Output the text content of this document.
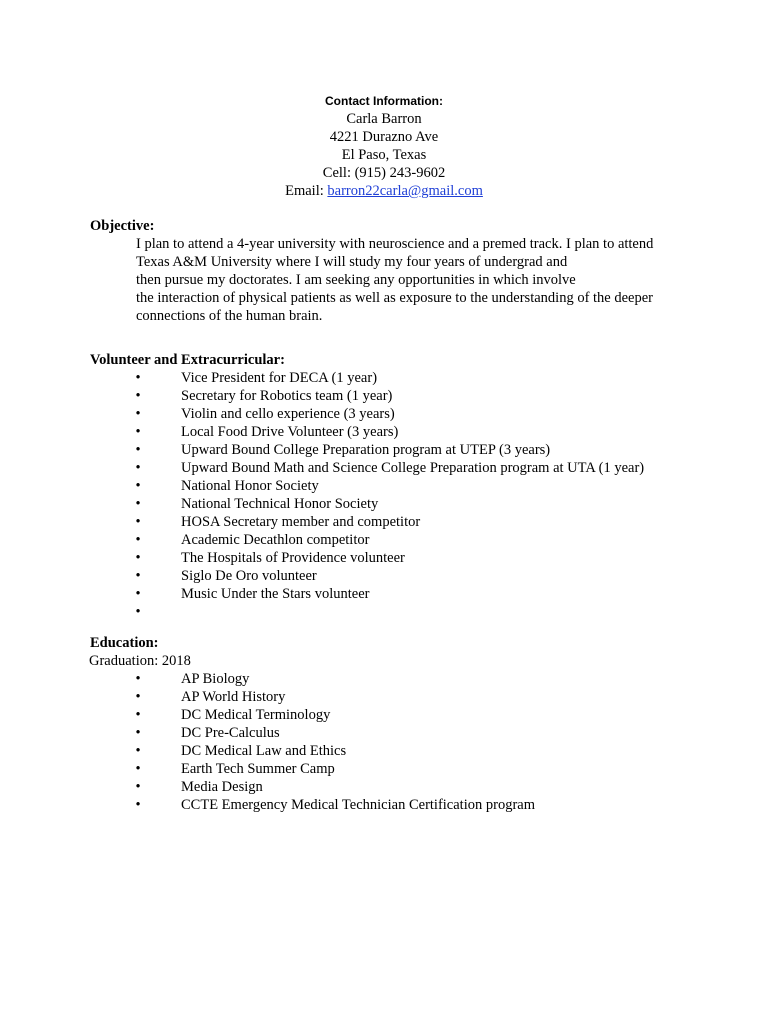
Contact Information:
Carla Barron
4221 Durazno Ave
El Paso, Texas
Cell: (915) 243-9602
Email: barron22carla@gmail.com
Objective:
I plan to attend a 4-year university with neuroscience and a premed track. I plan to attend
Texas A&M University where I will study my four years of undergrad and
then pursue my doctorates. I am seeking any opportunities in which involve
the interaction of physical patients as well as exposure to the understanding of the deeper
connections of the human brain.
Volunteer and Extracurricular:
•	Vice President for DECA (1 year)
•	Secretary for Robotics team (1 year)
•	Violin and cello experience (3 years)
•	Local Food Drive Volunteer (3 years)
•	Upward Bound College Preparation program at UTEP (3 years)
•	Upward Bound Math and Science College Preparation program at UTA (1 year)
•	National Honor Society
•	National Technical Honor Society
•	HOSA Secretary member and competitor
•	Academic Decathlon competitor
•	The Hospitals of Providence volunteer
•	Siglo De Oro volunteer
•	Music Under the Stars volunteer
•
Education:
Graduation: 2018
•	AP Biology
•	AP World History
•	DC Medical Terminology
•	DC Pre-Calculus
•	DC Medical Law and Ethics
•	Earth Tech Summer Camp
•	Media Design
•	CCTE Emergency Medical Technician Certification program
